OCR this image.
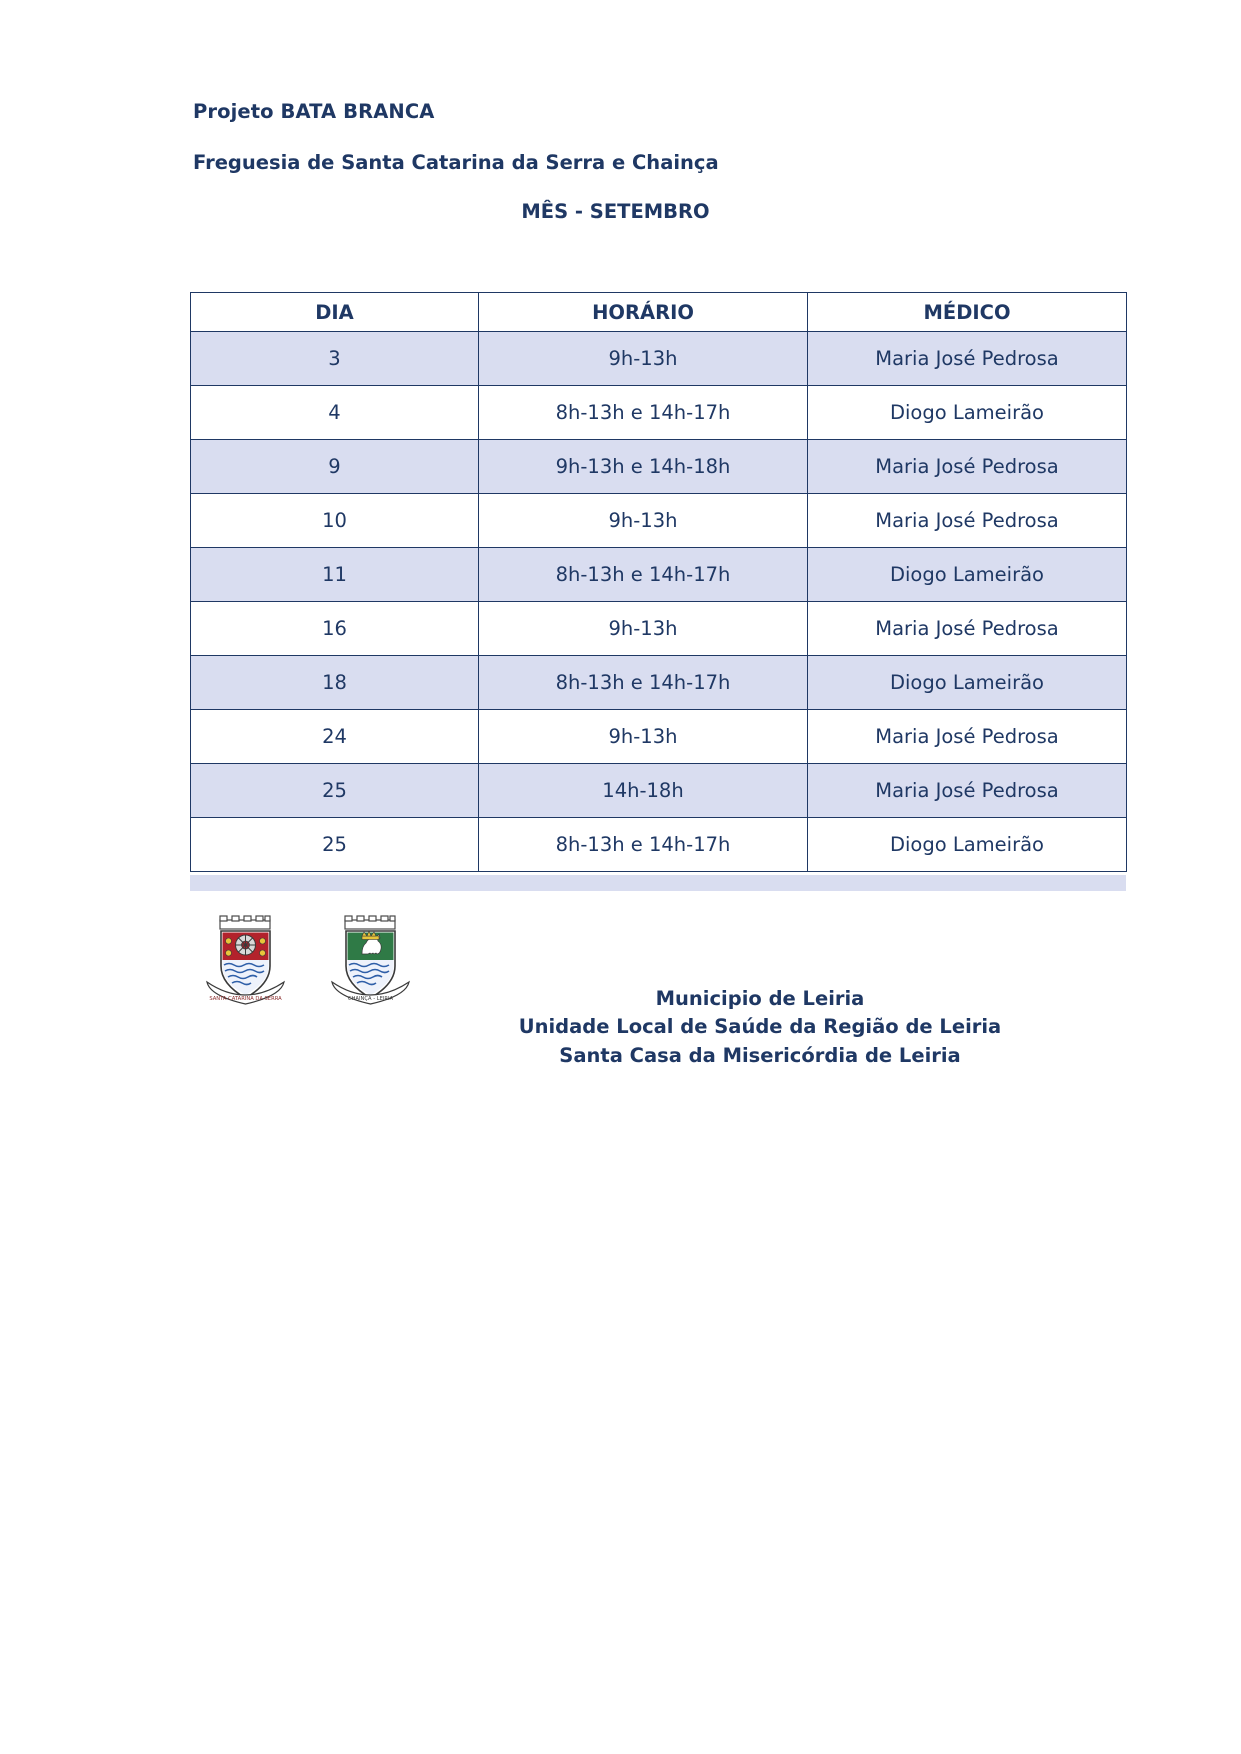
Projeto BATA BRANCA
Freguesia de Santa Catarina da Serra e Chainça
MÊS - SETEMBRO
DIA	HORÁRIO	MÉDICO
3	9h-13h	Maria José Pedrosa
4	8h-13h e 14h-17h	Diogo Lameirão
9	9h-13h e 14h-18h	Maria José Pedrosa
10	9h-13h	Maria José Pedrosa
11	8h-13h e 14h-17h	Diogo Lameirão
16	9h-13h	Maria José Pedrosa
18	8h-13h e 14h-17h	Diogo Lameirão
24	9h-13h	Maria José Pedrosa
25	14h-18h	Maria José Pedrosa
25	8h-13h e 14h-17h	Diogo Lameirão
SANTA CATARINA DA SERRA	CHAINÇA - LEIRIA	Municipio de Leiria
Unidade Local de Saúde da Região de Leiria
Santa Casa da Misericórdia de Leiria
